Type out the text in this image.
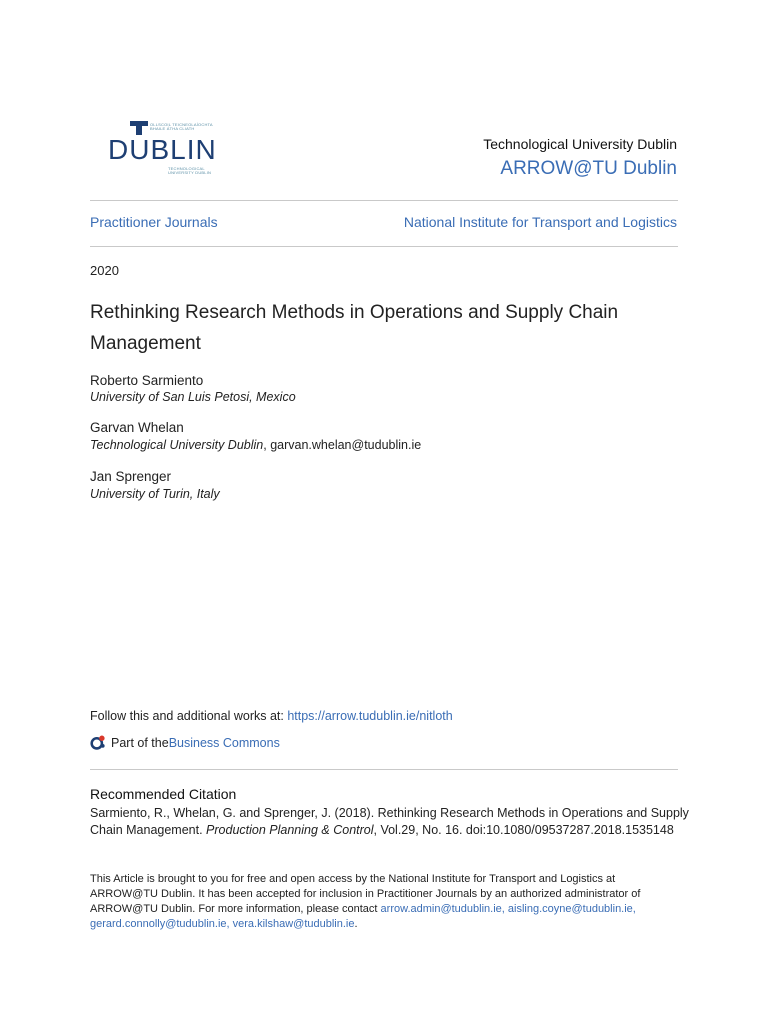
OLLSCOIL TEICNEOLAÍOCHTA BHAILE ÁTHA CLIATH
DUBLIN
TECHNOLOGICAL UNIVERSITY DUBLIN
Technological University Dublin
ARROW@TU Dublin
Practitioner Journals	National Institute for Transport and Logistics
2020
Rethinking Research Methods in Operations and Supply Chain Management
Roberto Sarmiento
University of San Luis Petosi, Mexico
Garvan Whelan
Technological University Dublin, garvan.whelan@tudublin.ie
Jan Sprenger
University of Turin, Italy
Follow this and additional works at: https://arrow.tudublin.ie/nitloth
Part of the Business Commons
Recommended Citation
Sarmiento, R., Whelan, G. and Sprenger, J. (2018). Rethinking Research Methods in Operations and Supply Chain Management. Production Planning & Control, Vol.29, No. 16. doi:10.1080/09537287.2018.1535148
This Article is brought to you for free and open access by the National Institute for Transport and Logistics at ARROW@TU Dublin. It has been accepted for inclusion in Practitioner Journals by an authorized administrator of ARROW@TU Dublin. For more information, please contact arrow.admin@tudublin.ie, aisling.coyne@tudublin.ie, gerard.connolly@tudublin.ie, vera.kilshaw@tudublin.ie.
